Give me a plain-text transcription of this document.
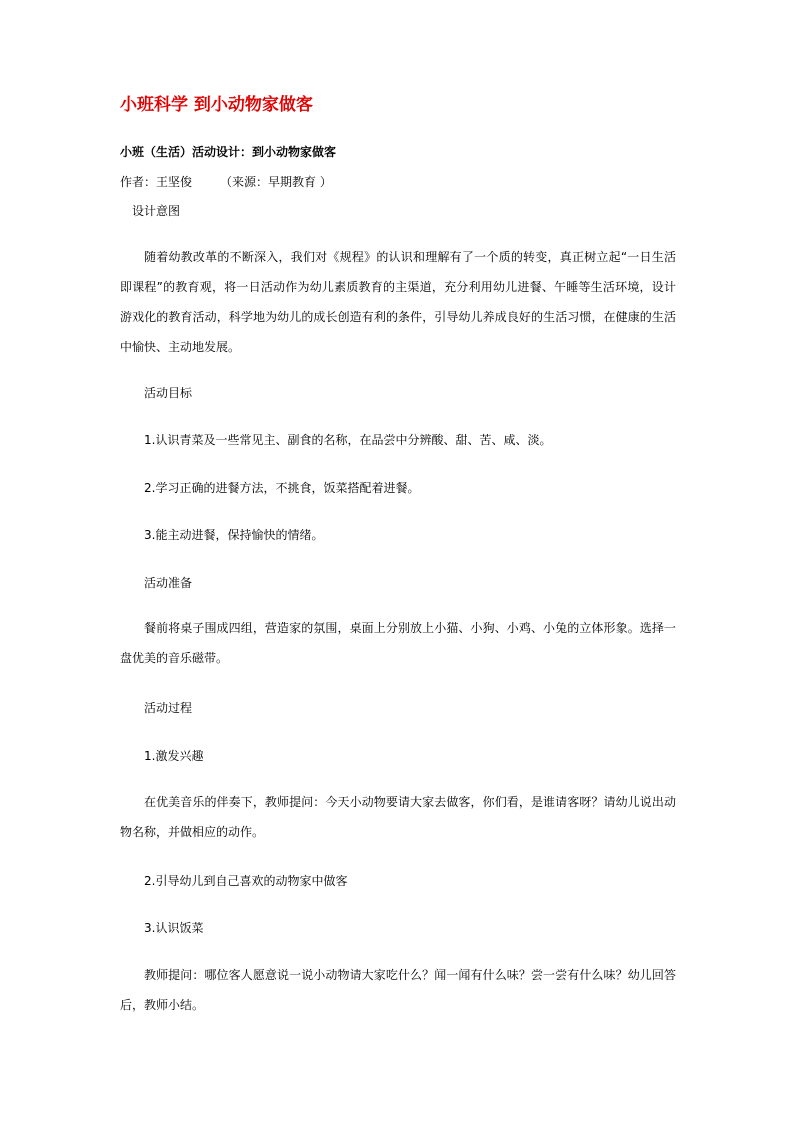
小班科学 到小动物家做客
小班（生活）活动设计：到小动物家做客
作者：王坚俊 （来源：早期教育 ）
设计意图
随着幼教改革的不断深入，我们对《规程》的认识和理解有了一个质的转变，真正树立起“一日生活即课程”的教育观，将一日活动作为幼儿素质教育的主渠道，充分利用幼儿进餐、午睡等生活环境，设计游戏化的教育活动，科学地为幼儿的成长创造有利的条件，引导幼儿养成良好的生活习惯，在健康的生活中愉快、主动地发展。
活动目标
1.认识青菜及一些常见主、副食的名称，在品尝中分辨酸、甜、苦、咸、淡。
2.学习正确的进餐方法，不挑食，饭菜搭配着进餐。
3.能主动进餐，保持愉快的情绪。
活动准备
餐前将桌子围成四组，营造家的氛围，桌面上分别放上小猫、小狗、小鸡、小兔的立体形象。选择一盘优美的音乐磁带。
活动过程
1.激发兴趣
在优美音乐的伴奏下，教师提问：今天小动物要请大家去做客，你们看，是谁请客呀？请幼儿说出动物名称，并做相应的动作。
2.引导幼儿到自己喜欢的动物家中做客
3.认识饭菜
教师提问：哪位客人愿意说一说小动物请大家吃什么？闻一闻有什么味？尝一尝有什么味？幼儿回答后，教师小结。
